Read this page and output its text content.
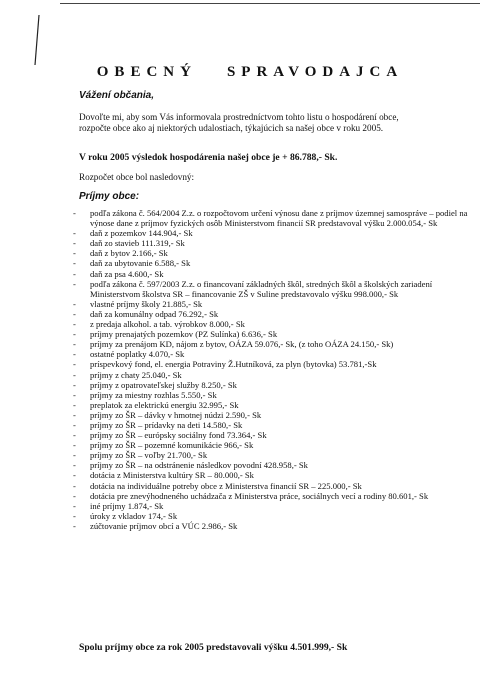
OBECNÝ SPRAVODAJCA
Vážení občania,
Dovoľte mi, aby som Vás informovala prostredníctvom tohto listu o hospodárení obce, rozpočte obce ako aj niektorých udalostiach, týkajúcich sa našej obce v roku 2005.
V roku 2005 výsledok hospodárenia našej obce je + 86.788,- Sk.
Rozpočet obce bol nasledovný:
Príjmy obce:
-	podľa zákona č. 564/2004 Z.z. o rozpočtovom určení výnosu dane z príjmov územnej samospráve – podiel na výnose dane z príjmov fyzických osôb Ministerstvom financií SR predstavoval výšku 2.000.054,- Sk
-	daň z pozemkov 144.904,- Sk
-	daň zo stavieb 111.319,- Sk
-	daň z bytov 2.166,- Sk
-	daň za ubytovanie 6.588,- Sk
-	daň za psa 4.600,- Sk
-	podľa zákona č. 597/2003 Z.z. o financovaní základných škôl, stredných škôl a školských zariadení Ministerstvom školstva SR – financovanie ZŠ v Suline predstavovalo výšku 998.000,- Sk
-	vlastné príjmy školy 21.885,- Sk
-	daň za komunálny odpad 76.292,- Sk
-	z predaja alkohol. a tab. výrobkov 8.000,- Sk
-	príjmy prenajatých pozemkov (PZ Sulínka) 6.636,- Sk
-	príjmy za prenájom KD, nájom z bytov, OÁZA 59.076,- Sk, (z toho OÁZA 24.150,- Sk)
-	ostatné poplatky 4.070,- Sk
-	príspevkový fond, el. energia Potraviny Ž.Hutníková, za plyn (bytovka) 53.781,-Sk
-	príjmy z chaty 25.040,- Sk
-	príjmy z opatrovateľskej služby 8.250,- Sk
-	príjmy za miestny rozhlas 5.550,- Sk
-	preplatok za elektrickú energiu 32.995,- Sk
-	príjmy zo ŠR – dávky v hmotnej núdzi 2.590,- Sk
-	príjmy zo ŠR – prídavky na deti 14.580,- Sk
-	príjmy zo ŠR – európsky sociálny fond 73.364,- Sk
-	príjmy zo ŠR – pozemné komunikácie 966,- Sk
-	príjmy zo ŠR – voľby 21.700,- Sk
-	príjmy zo ŠR – na odstránenie následkov povodní 428.958,- Sk
-	dotácia z Ministerstva kultúry SR – 80.000,- Sk
-	dotácia na individuálne potreby obce z Ministerstva financií SR – 225.000,- Sk
-	dotácia pre znevýhodneného uchádzača z Ministerstva práce, sociálnych vecí a rodiny 80.601,- Sk
-	iné príjmy 1.874,- Sk
-	úroky z vkladov 174,- Sk
-	zúčtovanie príjmov obcí a VÚC 2.986,- Sk
Spolu príjmy obce za rok 2005 predstavovali výšku 4.501.999,- Sk
